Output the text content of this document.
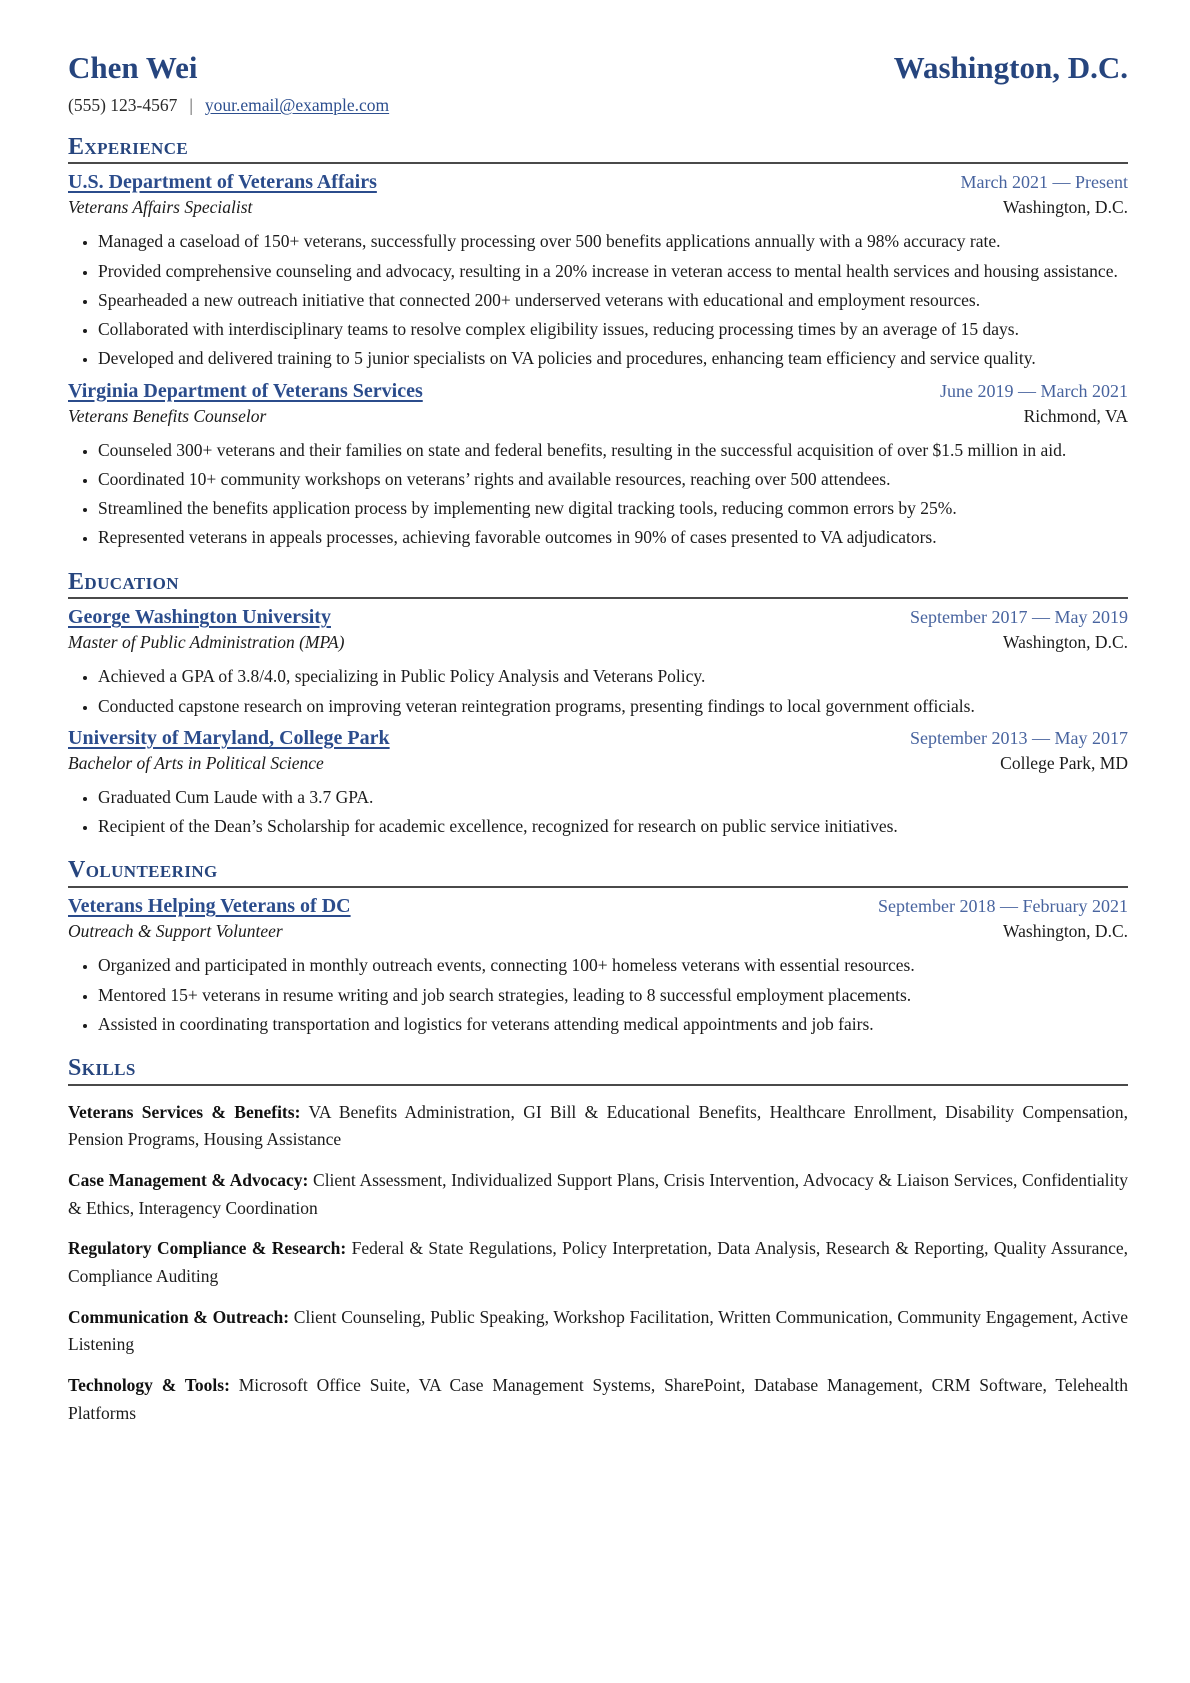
Chen Wei	Washington, D.C.
(555) 123-4567 | your.email@example.com
Experience
U.S. Department of Veterans Affairs	March 2021 — Present
Veterans Affairs Specialist	Washington, D.C.
• Managed a caseload of 150+ veterans, successfully processing over 500 benefits applications annually with a 98% accuracy rate.
• Provided comprehensive counseling and advocacy, resulting in a 20% increase in veteran access to mental health services and housing assistance.
• Spearheaded a new outreach initiative that connected 200+ underserved veterans with educational and employment resources.
• Collaborated with interdisciplinary teams to resolve complex eligibility issues, reducing processing times by an average of 15 days.
• Developed and delivered training to 5 junior specialists on VA policies and procedures, enhancing team efficiency and service quality.
Virginia Department of Veterans Services	June 2019 — March 2021
Veterans Benefits Counselor	Richmond, VA
• Counseled 300+ veterans and their families on state and federal benefits, resulting in the successful acquisition of over $1.5 million in aid.
• Coordinated 10+ community workshops on veterans’ rights and available resources, reaching over 500 attendees.
• Streamlined the benefits application process by implementing new digital tracking tools, reducing common errors by 25%.
• Represented veterans in appeals processes, achieving favorable outcomes in 90% of cases presented to VA adjudicators.
Education
George Washington University	September 2017 — May 2019
Master of Public Administration (MPA)	Washington, D.C.
• Achieved a GPA of 3.8/4.0, specializing in Public Policy Analysis and Veterans Policy.
• Conducted capstone research on improving veteran reintegration programs, presenting findings to local government officials.
University of Maryland, College Park	September 2013 — May 2017
Bachelor of Arts in Political Science	College Park, MD
• Graduated Cum Laude with a 3.7 GPA.
• Recipient of the Dean’s Scholarship for academic excellence, recognized for research on public service initiatives.
Volunteering
Veterans Helping Veterans of DC	September 2018 — February 2021
Outreach & Support Volunteer	Washington, D.C.
• Organized and participated in monthly outreach events, connecting 100+ homeless veterans with essential resources.
• Mentored 15+ veterans in resume writing and job search strategies, leading to 8 successful employment placements.
• Assisted in coordinating transportation and logistics for veterans attending medical appointments and job fairs.
Skills

Veterans Services & Benefits: VA Benefits Administration, GI Bill & Educational Benefits, Healthcare Enrollment, Disability Compensation, Pension Programs, Housing Assistance

Case Management & Advocacy: Client Assessment, Individualized Support Plans, Crisis Intervention, Advocacy & Liaison Services, Confidentiality & Ethics, Interagency Coordination

Regulatory Compliance & Research: Federal & State Regulations, Policy Interpretation, Data Analysis, Research & Reporting, Quality Assurance, Compliance Auditing

Communication & Outreach: Client Counseling, Public Speaking, Workshop Facilitation, Written Communication, Community Engagement, Active Listening

Technology & Tools: Microsoft Office Suite, VA Case Management Systems, SharePoint, Database Management, CRM Software, Telehealth Platforms
